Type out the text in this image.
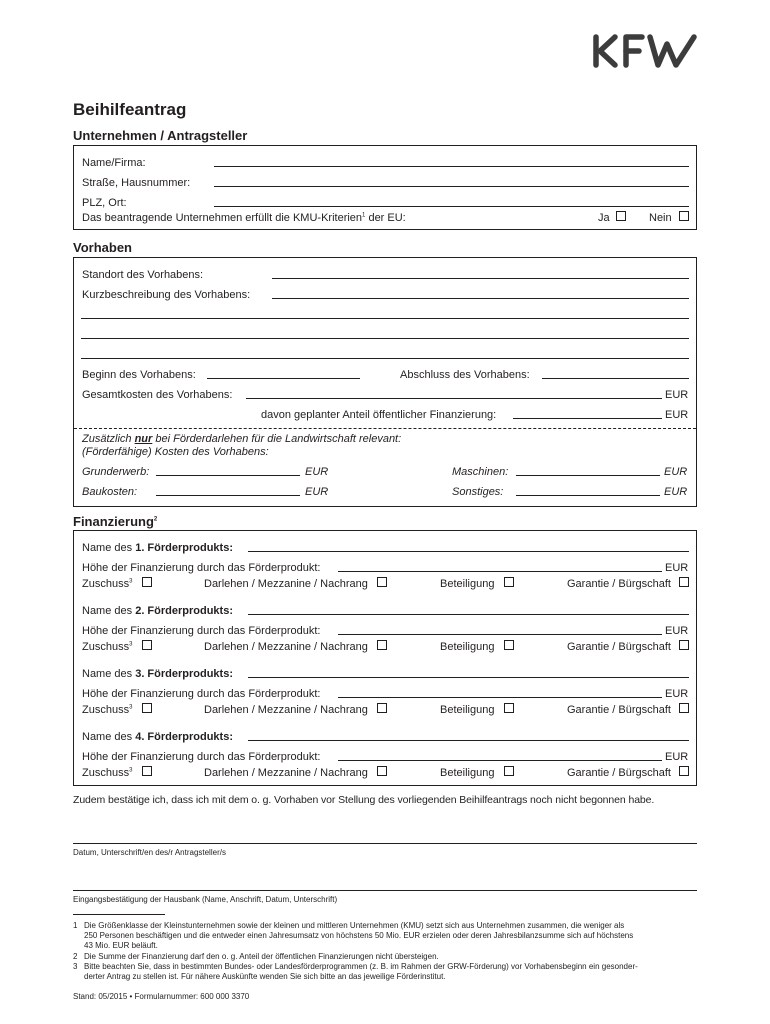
Beihilfeantrag
Unternehmen / Antragsteller
Name/Firma:
Straße, Hausnummer:
PLZ, Ort:
Das beantragende Unternehmen erfüllt die KMU-Kriterien$^1$ der EU:	Ja	Nein
Vorhaben
Standort des Vorhabens:
Kurzbeschreibung des Vorhabens:
Beginn des Vorhabens:	Abschluss des Vorhabens:
Gesamtkosten des Vorhabens:	EUR
davon geplanter Anteil öffentlicher Finanzierung:	EUR
Zusätzlich nur bei Förderdarlehen für die Landwirtschaft relevant:
(Förderfähige) Kosten des Vorhabens:
Grunderwerb:	EUR	Maschinen:	EUR
Baukosten:	EUR	Sonstiges:	EUR
Finanzierung$^2$
Name des 1. Förderprodukts:
Höhe der Finanzierung durch das Förderprodukt:	EUR
Zuschuss$^3$	Darlehen / Mezzanine / Nachrang	Beteiligung	Garantie / Bürgschaft
Name des 2. Förderprodukts:
Höhe der Finanzierung durch das Förderprodukt:	EUR
Zuschuss$^3$	Darlehen / Mezzanine / Nachrang	Beteiligung	Garantie / Bürgschaft
Name des 3. Förderprodukts:
Höhe der Finanzierung durch das Förderprodukt:	EUR
Zuschuss$^3$	Darlehen / Mezzanine / Nachrang	Beteiligung	Garantie / Bürgschaft
Name des 4. Förderprodukts:
Höhe der Finanzierung durch das Förderprodukt:	EUR
Zuschuss$^3$	Darlehen / Mezzanine / Nachrang	Beteiligung	Garantie / Bürgschaft
Zudem bestätige ich, dass ich mit dem o. g. Vorhaben vor Stellung des vorliegenden Beihilfeantrags noch nicht begonnen habe.
Datum, Unterschrift/en des/r Antragsteller/s
Eingangsbestätigung der Hausbank (Name, Anschrift, Datum, Unterschrift)
1 Die Größenklasse der Kleinstunternehmen sowie der kleinen und mittleren Unternehmen (KMU) setzt sich aus Unternehmen zusammen, die weniger als
250 Personen beschäftigen und die entweder einen Jahresumsatz von höchstens 50 Mio. EUR erzielen oder deren Jahresbilanzsumme sich auf höchstens
43 Mio. EUR beläuft.
2 Die Summe der Finanzierung darf den o. g. Anteil der öffentlichen Finanzierungen nicht übersteigen.
3 Bitte beachten Sie, dass in bestimmten Bundes- oder Landesförderprogrammen (z. B. im Rahmen der GRW-Förderung) vor Vorhabensbeginn ein gesonder-
derter Antrag zu stellen ist. Für nähere Auskünfte wenden Sie sich bitte an das jeweilige Förderinstitut.
Stand: 05/2015 • Formularnummer: 600 000 3370
